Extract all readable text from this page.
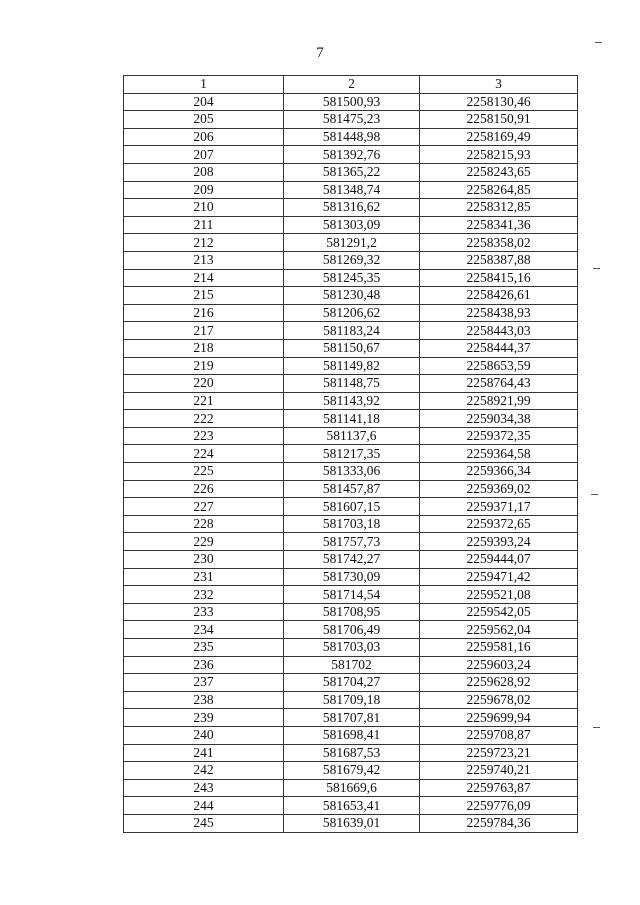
7
1	2	3
204	581500,93	2258130,46
205	581475,23	2258150,91
206	581448,98	2258169,49
207	581392,76	2258215,93
208	581365,22	2258243,65
209	581348,74	2258264,85
210	581316,62	2258312,85
211	581303,09	2258341,36
212	581291,2	2258358,02
213	581269,32	2258387,88
214	581245,35	2258415,16
215	581230,48	2258426,61
216	581206,62	2258438,93
217	581183,24	2258443,03
218	581150,67	2258444,37
219	581149,82	2258653,59
220	581148,75	2258764,43
221	581143,92	2258921,99
222	581141,18	2259034,38
223	581137,6	2259372,35
224	581217,35	2259364,58
225	581333,06	2259366,34
226	581457,87	2259369,02
227	581607,15	2259371,17
228	581703,18	2259372,65
229	581757,73	2259393,24
230	581742,27	2259444,07
231	581730,09	2259471,42
232	581714,54	2259521,08
233	581708,95	2259542,05
234	581706,49	2259562,04
235	581703,03	2259581,16
236	581702	2259603,24
237	581704,27	2259628,92
238	581709,18	2259678,02
239	581707,81	2259699,94
240	581698,41	2259708,87
241	581687,53	2259723,21
242	581679,42	2259740,21
243	581669,6	2259763,87
244	581653,41	2259776,09
245	581639,01	2259784,36
